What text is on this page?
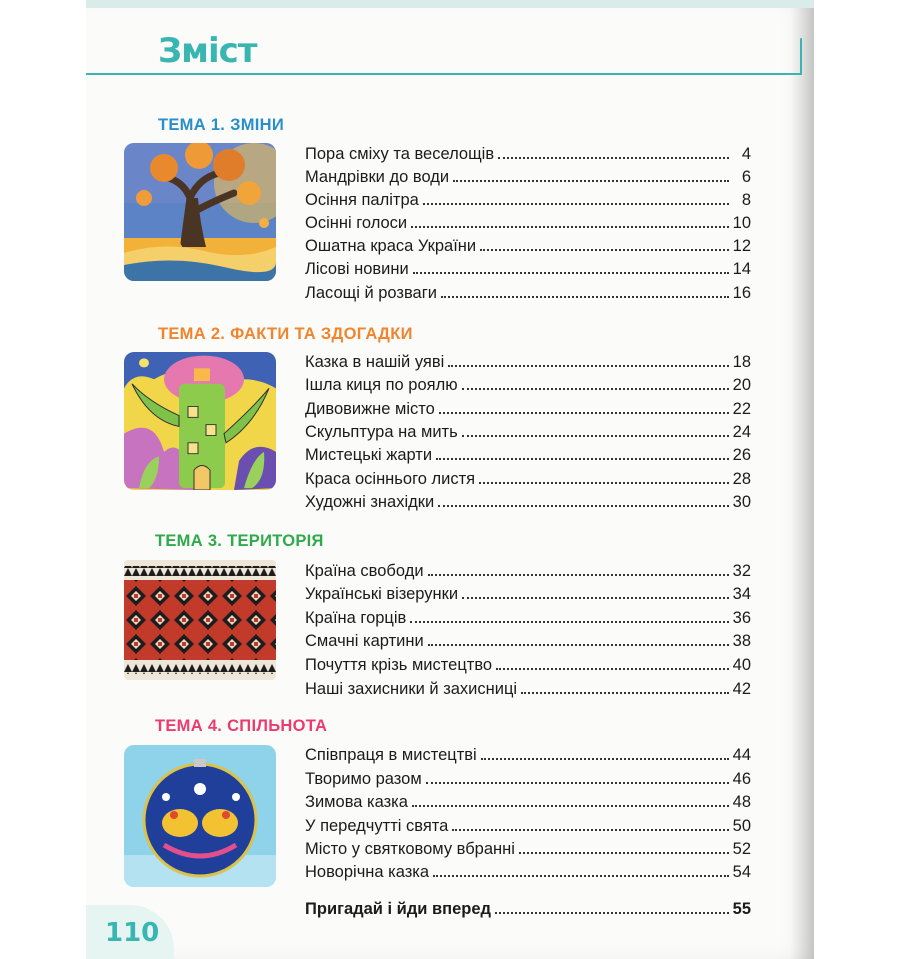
Зміст
ТЕМА 1. ЗМІНИ
Пора сміху та веселощів	4
Мандрівки до води	6
Осіння палітра	8
Осінні голоси	10
Ошатна краса України	12
Лісові новини	14
Ласощі й розваги	16
ТЕМА 2. ФАКТИ ТА ЗДОГАДКИ
Казка в нашій уяві	18
Ішла киця по роялю	20
Дивовижне місто	22
Скульптура на мить	24
Мистецькі жарти	26
Краса осіннього листя	28
Художні знахідки	30
ТЕМА 3. ТЕРИТОРІЯ
Країна свободи	32
Українські візерунки	34
Країна горців	36
Смачні картини	38
Почуття крізь мистецтво	40
Наші захисники й захисниці	42
ТЕМА 4. СПІЛЬНОТА
Співпраця в мистецтві	44
Творимо разом	46
Зимова казка	48
У передчутті свята	50
Місто у святковому вбранні	52
Новорічна казка	54
Пригадай і йди вперед	55
110
